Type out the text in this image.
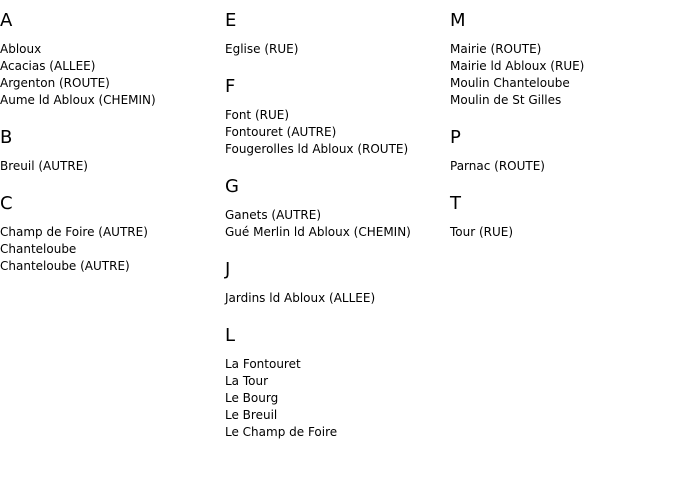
A
Abloux
Acacias (ALLEE)
Argenton (ROUTE)
Aume ld Ablоux (CHEMIN)
B
Breuil (AUTRE)
C
Champ de Foire (AUTRE)
Chanteloube
Chanteloube (AUTRE)
E
Eglise (RUE)
F
Font (RUE)
Fontouret (AUTRE)
Fougerolles ld Ablоux (ROUTE)
G
Ganets (AUTRE)
Gué Merlin ld Ablоux (CHEMIN)
J
Jardins ld Ablоux (ALLEE)
L
La Fontouret
La Tour
Le Bourg
Le Breuil
Le Champ de Foire
M
Mairie (ROUTE)
Mairie ld Ablоux (RUE)
Moulin Chanteloube
Moulin de St Gilles
P
Parnac (ROUTE)
T
Tour (RUE)
